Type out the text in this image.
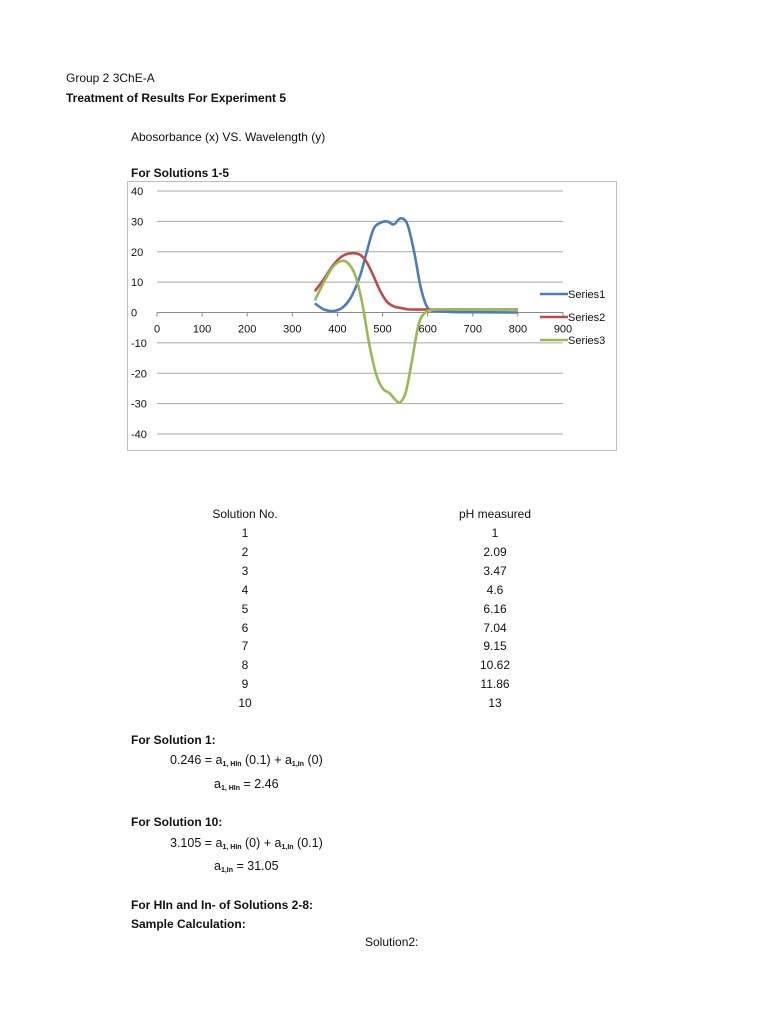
Group 2 3ChE-A
Treatment of Results For Experiment 5
Abosorbance (x) VS. Wavelength (y)
For Solutions 1-5
40
30
20
10
0
-10
-20
-30
-40
0	100 200 300 400 500 600 700 800 900
Series1
Series2
Series3
Solution No.	pH measured
1	1
2	2.09
3	3.47
4	4.6
5	6.16
6	7.04
7	9.15
8	10.62
9	11.86
10	13
For Solution 1:
$0.246 = a_{1, HIn}$ $(0.1) + a_{1,In}$ (0)
$a_{1, HIn} = 2.46$
For Solution 10:
$3.105 = a_{1, HIn}$ $(0) + a_{1,In}$ (0.1)
$a_{1,In} = 31.05$
For HIn and In- of Solutions 2-8:
Sample Calculation:
Solution2:
